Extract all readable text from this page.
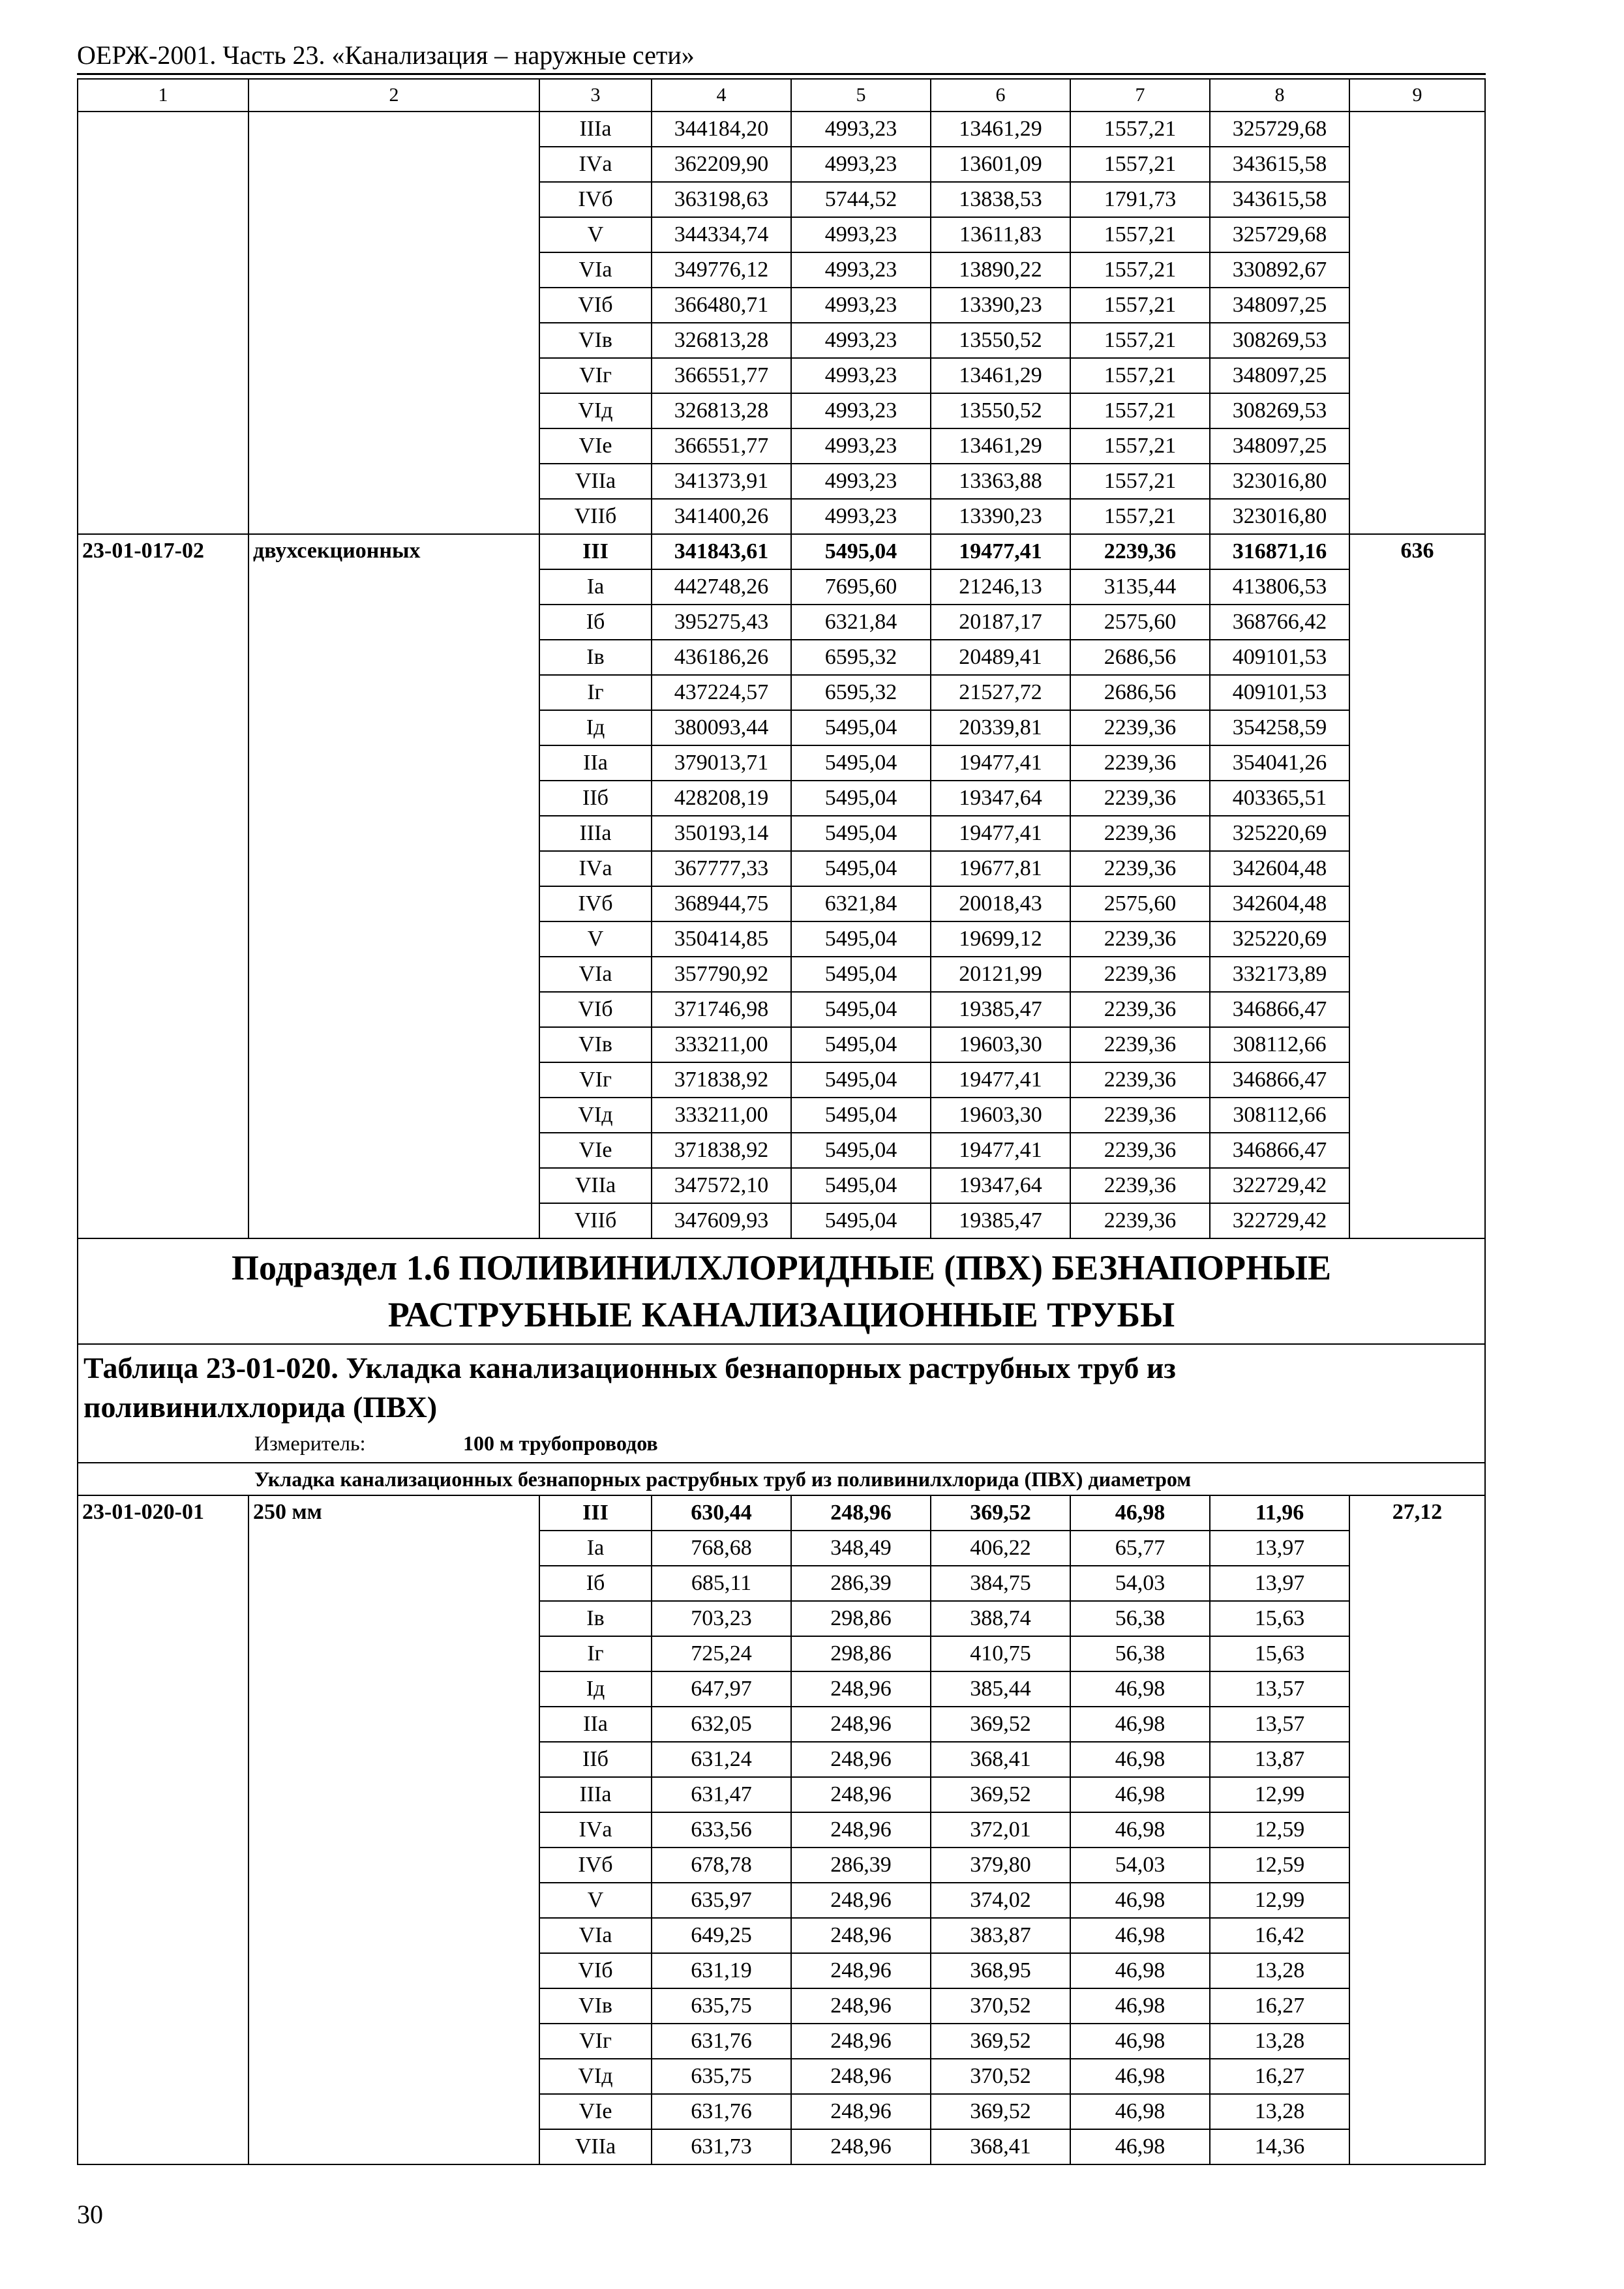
ОЕРЖ-2001. Часть 23. «Канализация – наружные сети»
1	2	3	4	5	6	7	8	9
		IIIа	344184,20	4993,23	13461,29	1557,21	325729,68	
		IVа	362209,90	4993,23	13601,09	1557,21	343615,58	
		IVб	363198,63	5744,52	13838,53	1791,73	343615,58	
		V	344334,74	4993,23	13611,83	1557,21	325729,68	
		VIа	349776,12	4993,23	13890,22	1557,21	330892,67	
		VIб	366480,71	4993,23	13390,23	1557,21	348097,25	
		VIв	326813,28	4993,23	13550,52	1557,21	308269,53	
		VIг	366551,77	4993,23	13461,29	1557,21	348097,25	
		VIд	326813,28	4993,23	13550,52	1557,21	308269,53	
		VIе	366551,77	4993,23	13461,29	1557,21	348097,25	
		VIIа	341373,91	4993,23	13363,88	1557,21	323016,80	
		VIIб	341400,26	4993,23	13390,23	1557,21	323016,80	
23-01-017-02	двухсекционных	III	341843,61	5495,04	19477,41	2239,36	316871,16	636
		Iа	442748,26	7695,60	21246,13	3135,44	413806,53	
		Iб	395275,43	6321,84	20187,17	2575,60	368766,42	
		Iв	436186,26	6595,32	20489,41	2686,56	409101,53	
		Iг	437224,57	6595,32	21527,72	2686,56	409101,53	
		Iд	380093,44	5495,04	20339,81	2239,36	354258,59	
		IIа	379013,71	5495,04	19477,41	2239,36	354041,26	
		IIб	428208,19	5495,04	19347,64	2239,36	403365,51	
		IIIа	350193,14	5495,04	19477,41	2239,36	325220,69	
		IVа	367777,33	5495,04	19677,81	2239,36	342604,48	
		IVб	368944,75	6321,84	20018,43	2575,60	342604,48	
		V	350414,85	5495,04	19699,12	2239,36	325220,69	
		VIа	357790,92	5495,04	20121,99	2239,36	332173,89	
		VIб	371746,98	5495,04	19385,47	2239,36	346866,47	
		VIв	333211,00	5495,04	19603,30	2239,36	308112,66	
		VIг	371838,92	5495,04	19477,41	2239,36	346866,47	
		VIд	333211,00	5495,04	19603,30	2239,36	308112,66	
		VIе	371838,92	5495,04	19477,41	2239,36	346866,47	
		VIIа	347572,10	5495,04	19347,64	2239,36	322729,42	
		VIIб	347609,93	5495,04	19385,47	2239,36	322729,42	

Подраздел 1.6 ПОЛИВИНИЛХЛОРИДНЫЕ (ПВХ) БЕЗНАПОРНЫЕ
РАСТРУБНЫЕ КАНАЛИЗАЦИОННЫЕ ТРУБЫ								

Таблица 23-01-020. Укладка канализационных безнапорных раструбных труб из
поливинилхлорида (ПВХ)
Измеритель: 100 м трубопроводов								

Укладка канализационных безнапорных раструбных труб из поливинилхлорида (ПВХ) диаметром								
23-01-020-01	250 мм	III	630,44	248,96	369,52	46,98	11,96	27,12
		Iа	768,68	348,49	406,22	65,77	13,97	
		Iб	685,11	286,39	384,75	54,03	13,97	
		Iв	703,23	298,86	388,74	56,38	15,63	
		Iг	725,24	298,86	410,75	56,38	15,63	
		Iд	647,97	248,96	385,44	46,98	13,57	
		IIа	632,05	248,96	369,52	46,98	13,57	
		IIб	631,24	248,96	368,41	46,98	13,87	
		IIIа	631,47	248,96	369,52	46,98	12,99	
		IVа	633,56	248,96	372,01	46,98	12,59	
		IVб	678,78	286,39	379,80	54,03	12,59	
		V	635,97	248,96	374,02	46,98	12,99	
		VIа	649,25	248,96	383,87	46,98	16,42	
		VIб	631,19	248,96	368,95	46,98	13,28	
		VIв	635,75	248,96	370,52	46,98	16,27	
		VIг	631,76	248,96	369,52	46,98	13,28	
		VIд	635,75	248,96	370,52	46,98	16,27	
		VIе	631,76	248,96	369,52	46,98	13,28	
		VIIа	631,73	248,96	368,41	46,98	14,36	
30
